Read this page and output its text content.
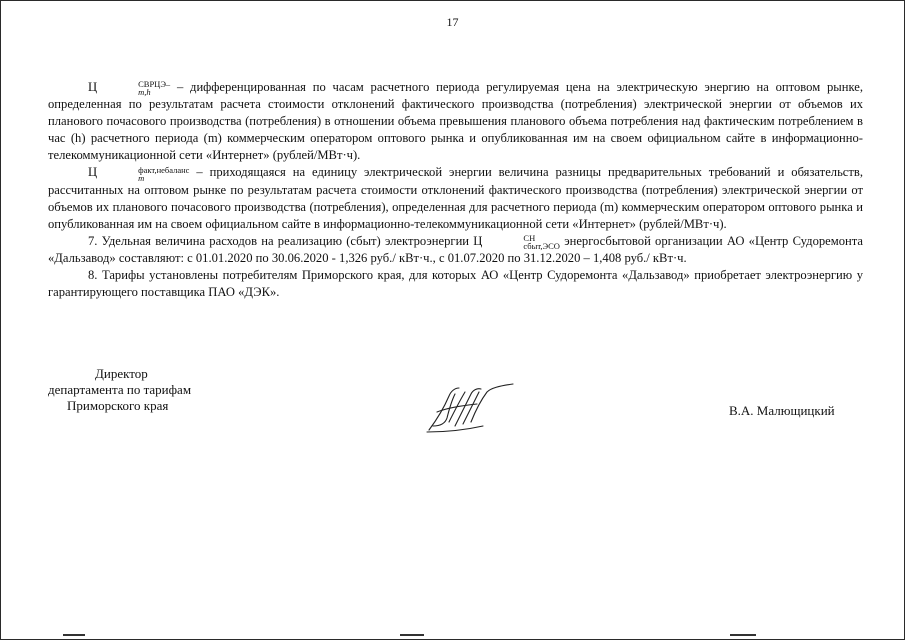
17

Ц	СВРЦЭ–
m,h	– дифференцированная по часам расчетного периода регулируемая цена на электрическую энергию на оптовом рынке, определенная по результатам расчета стоимости отклонений фактического производства (потребления) электрической энергии от объемов их планового почасового производства (потребления) в отношении объема превышения планового объема потребления над фактическим потреблением в час (h) расчетного периода (m) коммерческим оператором оптового рынка и опубликованная им на своем официальном сайте в информационно-телекоммуникационной сети «Интернет» (рублей/МВт·ч).

Ц	факт,небаланс
m	– приходящаяся на единицу электрической энергии величина разницы предварительных требований и обязательств, рассчитанных на оптовом рынке по результатам расчета стоимости отклонений фактического производства (потребления) электрической энергии от объемов их планового почасового производства (потребления), определенная для расчетного периода (m) коммерческим оператором оптового рынка и опубликованная им на своем официальном сайте в информационно-телекоммуникационной сети «Интернет» (рублей/МВт·ч).

7. Удельная величина расходов на реализацию (сбыт) электроэнергии Ц	СН
сбыт,ЭСО энергосбытовой организации АО «Центр Судоремонта «Дальзавод» составляют: с 01.01.2020 по 30.06.2020 - 1,326 руб./ кВт·ч., с 01.07.2020 по 31.12.2020 – 1,408 руб./ кВт·ч.

8. Тарифы установлены потребителям Приморского края, для которых АО «Центр Судоремонта «Дальзавод» приобретает электроэнергию у гарантирующего поставщика ПАО «ДЭК».

Директор
департамента по тарифам
Приморского края	В.А. Малющицкий
